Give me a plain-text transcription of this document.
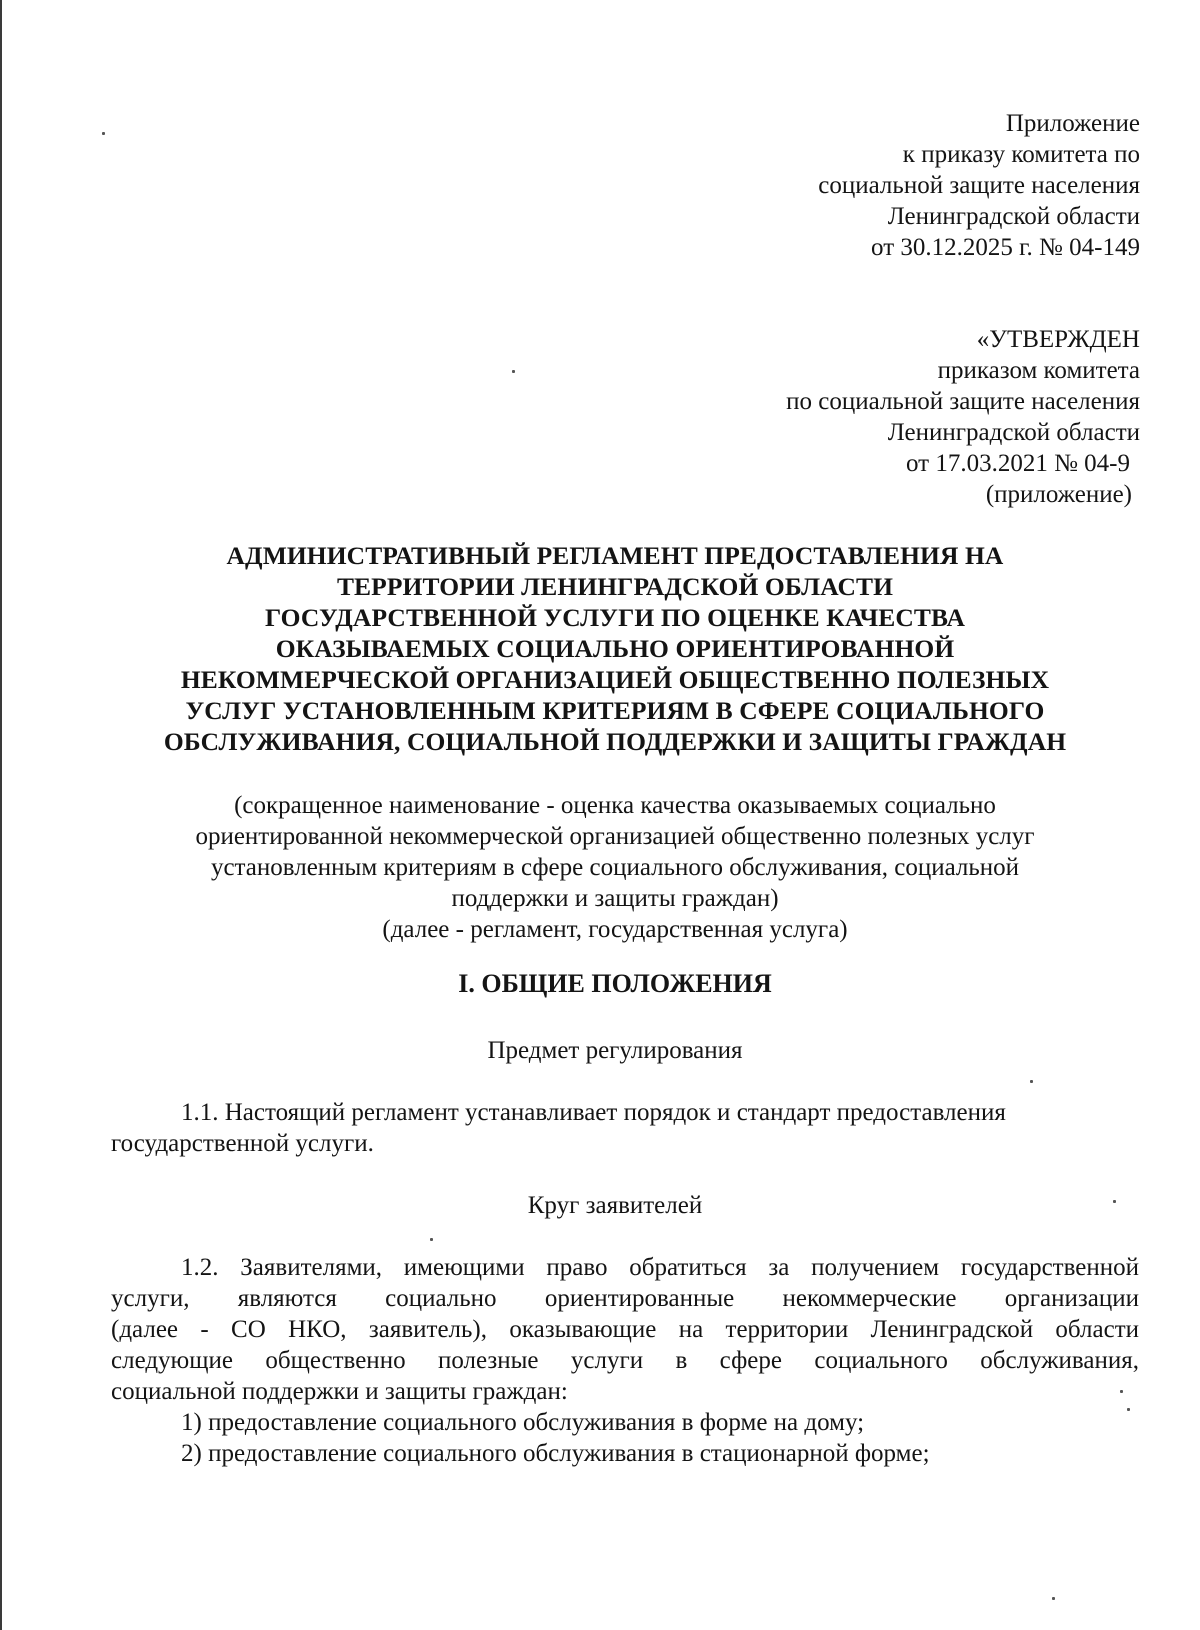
Приложение
к приказу комитета по
социальной защите населения
Ленинградской области
от 30.12.2025 г. № 04-149
«УТВЕРЖДЕН
приказом комитета
по социальной защите населения
Ленинградской области
от 17.03.2021 № 04-9
(приложение)
АДМИНИСТРАТИВНЫЙ РЕГЛАМЕНТ ПРЕДОСТАВЛЕНИЯ НА
ТЕРРИТОРИИ ЛЕНИНГРАДСКОЙ ОБЛАСТИ
ГОСУДАРСТВЕННОЙ УСЛУГИ ПО ОЦЕНКЕ КАЧЕСТВА
ОКАЗЫВАЕМЫХ СОЦИАЛЬНО ОРИЕНТИРОВАННОЙ
НЕКОММЕРЧЕСКОЙ ОРГАНИЗАЦИЕЙ ОБЩЕСТВЕННО ПОЛЕЗНЫХ
УСЛУГ УСТАНОВЛЕННЫМ КРИТЕРИЯМ В СФЕРЕ СОЦИАЛЬНОГО
ОБСЛУЖИВАНИЯ, СОЦИАЛЬНОЙ ПОДДЕРЖКИ И ЗАЩИТЫ ГРАЖДАН
(сокращенное наименование - оценка качества оказываемых социально
ориентированной некоммерческой организацией общественно полезных услуг
установленным критериям в сфере социального обслуживания, социальной
поддержки и защиты граждан)
(далее - регламент, государственная услуга)
I. ОБЩИЕ ПОЛОЖЕНИЯ
Предмет регулирования
1.1. Настоящий регламент устанавливает порядок и стандарт предоставления
государственной услуги.
Круг заявителей
1.2. Заявителями, имеющими право обратиться за получением государственной
услуги, являются социально ориентированные некоммерческие организации
(далее - СО НКО, заявитель), оказывающие на территории Ленинградской области
следующие общественно полезные услуги в сфере социального обслуживания,
социальной поддержки и защиты граждан:
1) предоставление социального обслуживания в форме на дому;
2) предоставление социального обслуживания в стационарной форме;
